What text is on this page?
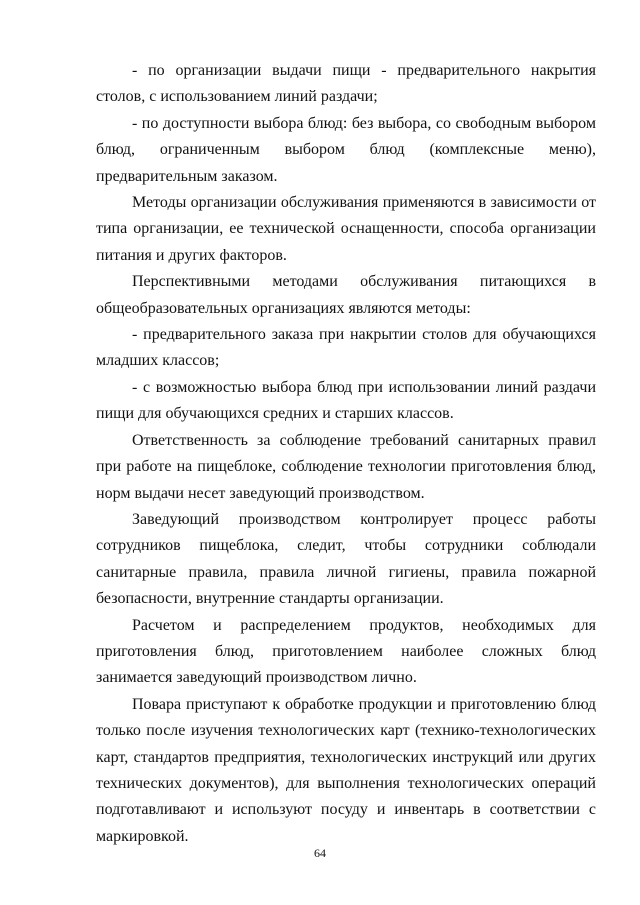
- по организации выдачи пищи - предварительного накрытия столов, с использованием линий раздачи;

- по доступности выбора блюд: без выбора, со свободным выбором блюд, ограниченным выбором блюд (комплексные меню), предварительным заказом.

Методы организации обслуживания применяются в зависимости от типа организации, ее технической оснащенности, способа организации питания и других факторов.

Перспективными методами обслуживания питающихся в общеобразовательных организациях являются методы:

- предварительного заказа при накрытии столов для обучающихся младших классов;

- с возможностью выбора блюд при использовании линий раздачи пищи для обучающихся средних и старших классов.

Ответственность за соблюдение требований санитарных правил при работе на пищеблоке, соблюдение технологии приготовления блюд, норм выдачи несет заведующий производством.

Заведующий производством контролирует процесс работы сотрудников пищеблока, следит, чтобы сотрудники соблюдали санитарные правила, правила личной гигиены, правила пожарной безопасности, внутренние стандарты организации.

Расчетом и распределением продуктов, необходимых для приготовления блюд, приготовлением наиболее сложных блюд занимается заведующий производством лично.

Повара приступают к обработке продукции и приготовлению блюд только после изучения технологических карт (технико-технологических карт, стандартов предприятия, технологических инструкций или других технических документов), для выполнения технологических операций подготавливают и используют посуду и инвентарь в соответствии с маркировкой.

64
